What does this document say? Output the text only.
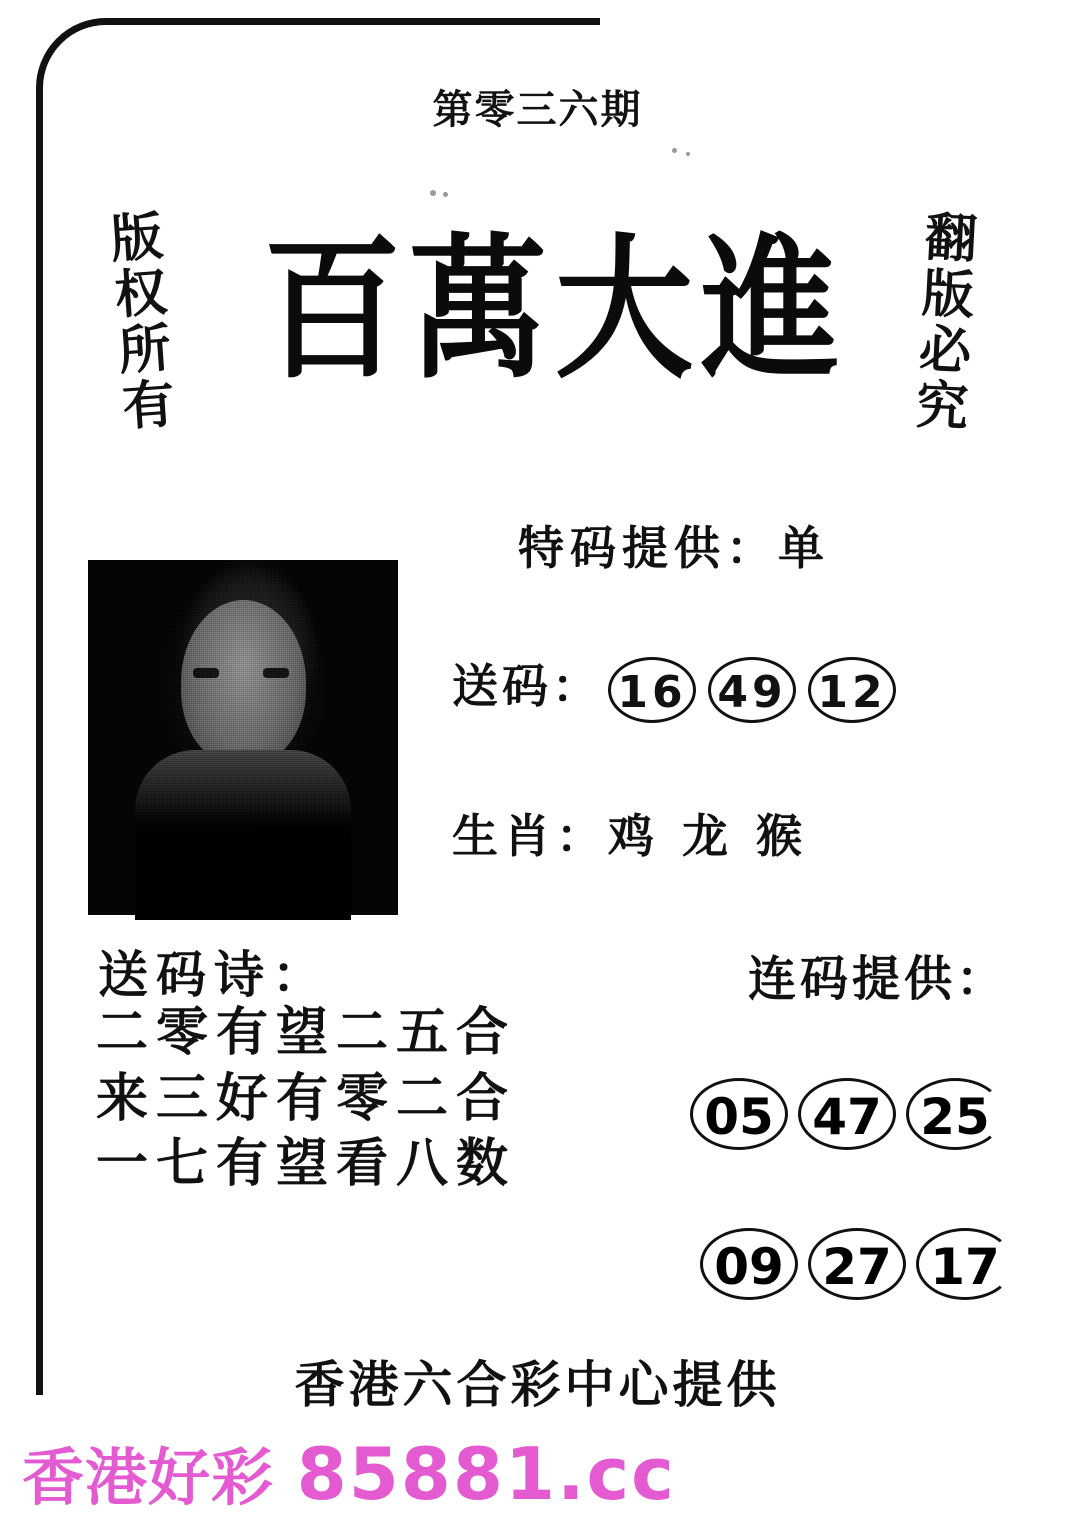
第零三六期
版权所有	翻版必究
百萬大進
特码提供：单
送码： 16 49 12
生肖：鸡 龙 猴
送码诗：
二零有望二五合
来三好有零二合
一七有望看八数
连码提供：
05 47 25
09 27 17
香港六合彩中心提供
香港好彩 85881.cc
